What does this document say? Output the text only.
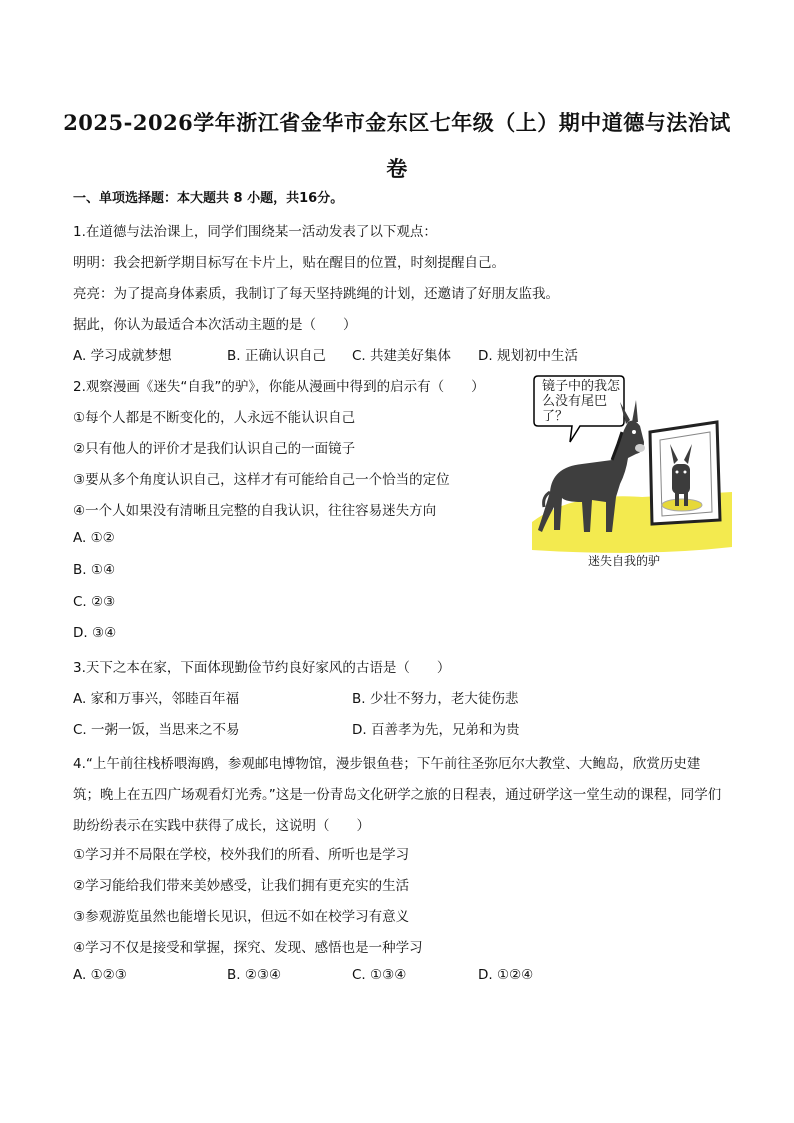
2025-2026学年浙江省金华市金东区七年级（上）期中道德与法治试
卷
一、单项选择题：本大题共 8 小题，共16分。
1.在道德与法治课上，同学们围绕某一活动发表了以下观点：
明明：我会把新学期目标写在卡片上，贴在醒目的位置，时刻提醒自己。
亮亮：为了提高身体素质，我制订了每天坚持跳绳的计划，还邀请了好朋友监我。
据此，你认为最适合本次活动主题的是（　　）
A. 学习成就梦想	B. 正确认识自己 C. 共建美好集体 D. 规划初中生活
2.观察漫画《迷失“自我”的驴》，你能从漫画中得到的启示有（　　）
①每个人都是不断变化的，人永远不能认识自己
②只有他人的评价才是我们认识自己的一面镜子
③要从多个角度认识自己，这样才有可能给自己一个恰当的定位
④一个人如果没有清晰且完整的自我认识，往往容易迷失方向
A. ①②
B. ①④
C. ②③
D. ③④
镜子中的我怎么没有尾巴了？
迷失自我的驴
3.天下之本在家，下面体现勤俭节约良好家风的古语是（　　）
A. 家和万事兴，邻睦百年福	B. 少壮不努力，老大徒伤悲
C. 一粥一饭，当思来之不易	D. 百善孝为先，兄弟和为贵
4.“上午前往栈桥喂海鸥，参观邮电博物馆，漫步银鱼巷；下午前往圣弥厄尔大教堂、大鲍岛，欣赏历史建筑；晚上在五四广场观看灯光秀。”这是一份青岛文化研学之旅的日程表，通过研学这一堂生动的课程，同学们助纷纷表示在实践中获得了成长，这说明（　　）
①学习并不局限在学校，校外我们的所看、所听也是学习
②学习能给我们带来美妙感受，让我们拥有更充实的生活
③参观游览虽然也能增长见识，但远不如在校学习有意义
④学习不仅是接受和掌握，探究、发现、感悟也是一种学习
A. ①②③	B. ②③④	C. ①③④	D. ①②④
